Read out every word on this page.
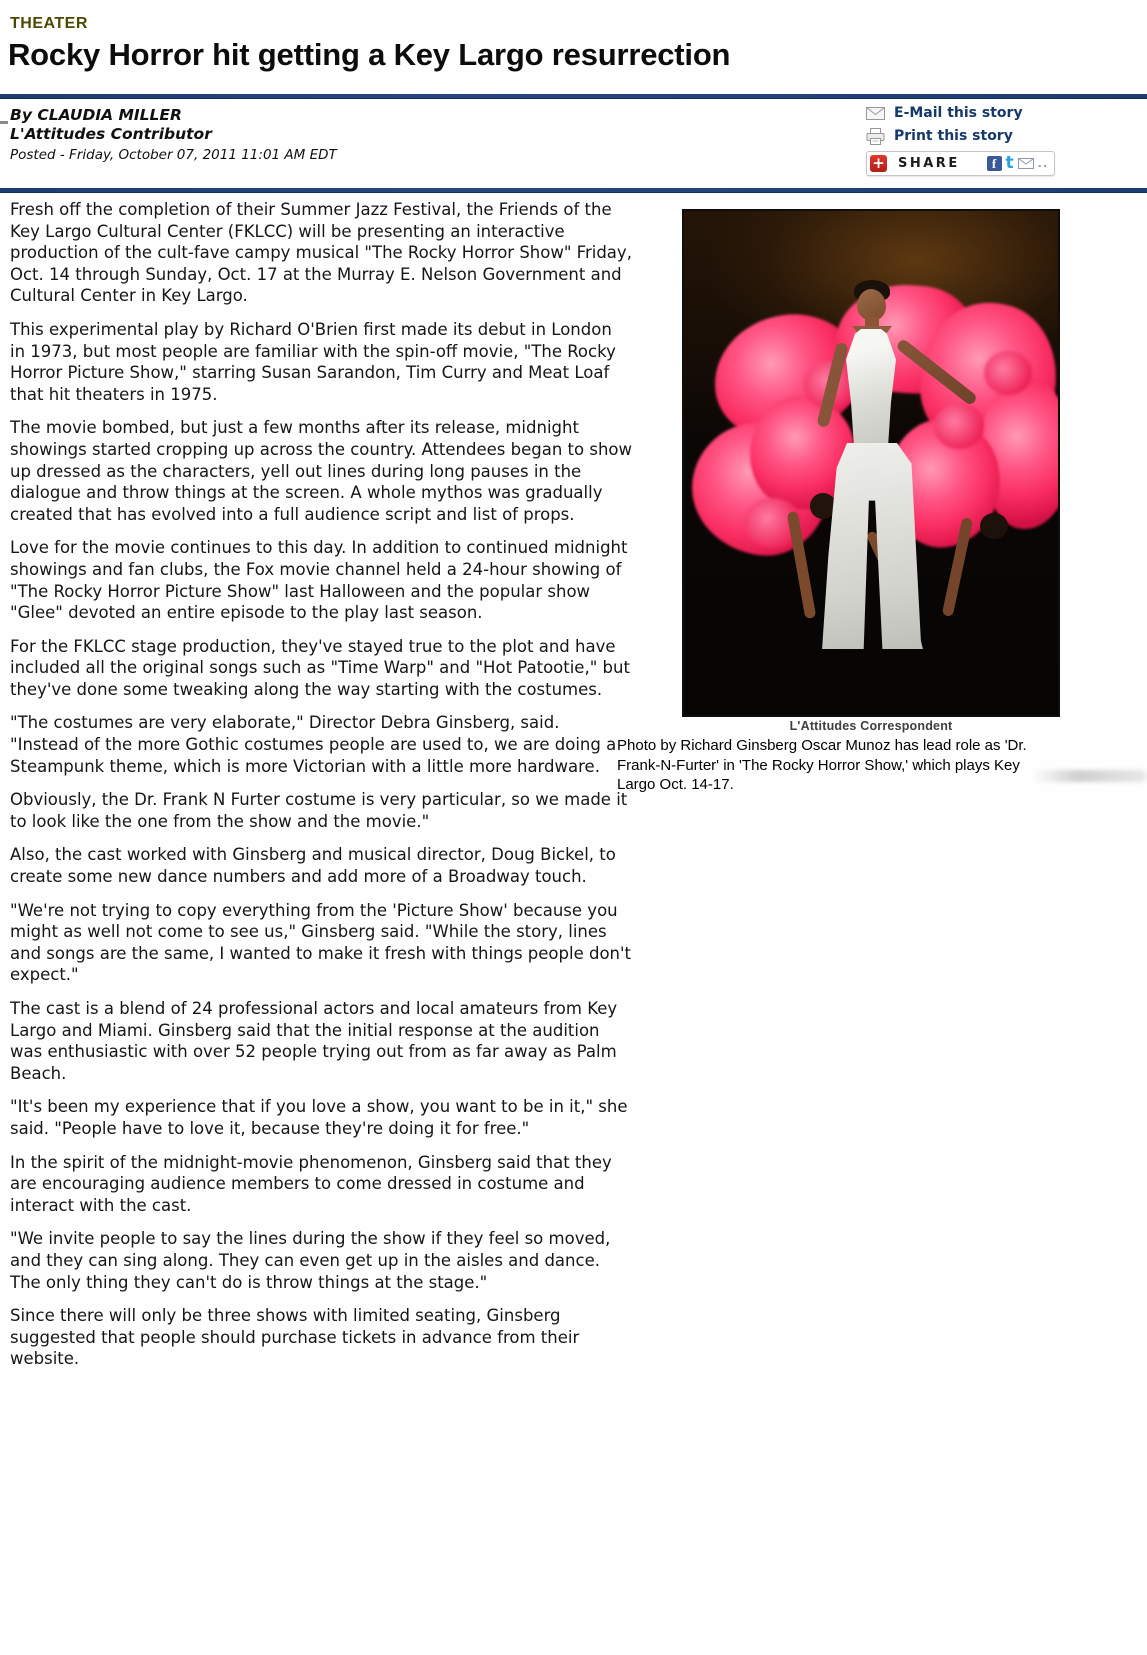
THEATER
Rocky Horror hit getting a Key Largo resurrection
By CLAUDIA MILLER
L'Attitudes Contributor
Posted - Friday, October 07, 2011 11:01 AM EDT
E-Mail this story
Print this story
+
SHARE f t	..

Fresh off the completion of their Summer Jazz Festival, the Friends of the Key Largo Cultural Center (FKLCC) will be presenting an interactive production of the cult-fave campy musical "The Rocky Horror Show" Friday, Oct. 14 through Sunday, Oct. 17 at the Murray E. Nelson Government and Cultural Center in Key Largo.

This experimental play by Richard O'Brien first made its debut in London in 1973, but most people are familiar with the spin-off movie, "The Rocky Horror Picture Show," starring Susan Sarandon, Tim Curry and Meat Loaf that hit theaters in 1975.

The movie bombed, but just a few months after its release, midnight showings started cropping up across the country. Attendees began to show up dressed as the characters, yell out lines during long pauses in the dialogue and throw things at the screen. A whole mythos was gradually created that has evolved into a full audience script and list of props.

Love for the movie continues to this day. In addition to continued midnight showings and fan clubs, the Fox movie channel held a 24-hour showing of "The Rocky Horror Picture Show" last Halloween and the popular show "Glee" devoted an entire episode to the play last season.

For the FKLCC stage production, they've stayed true to the plot and have included all the original songs such as "Time Warp" and "Hot Patootie," but they've done some tweaking along the way starting with the costumes.

"The costumes are very elaborate," Director Debra Ginsberg, said. "Instead of the more Gothic costumes people are used to, we are doing a Steampunk theme, which is more Victorian with a little more hardware.

Obviously, the Dr. Frank N Furter costume is very particular, so we made it to look like the one from the show and the movie."

Also, the cast worked with Ginsberg and musical director, Doug Bickel, to create some new dance numbers and add more of a Broadway touch.

"We're not trying to copy everything from the 'Picture Show' because you might as well not come to see us," Ginsberg said. "While the story, lines and songs are the same, I wanted to make it fresh with things people don't expect."

The cast is a blend of 24 professional actors and local amateurs from Key Largo and Miami. Ginsberg said that the initial response at the audition was enthusiastic with over 52 people trying out from as far away as Palm Beach.

"It's been my experience that if you love a show, you want to be in it," she said. "People have to love it, because they're doing it for free."

In the spirit of the midnight-movie phenomenon, Ginsberg said that they are encouraging audience members to come dressed in costume and interact with the cast.

"We invite people to say the lines during the show if they feel so moved, and they can sing along. They can even get up in the aisles and dance. The only thing they can't do is throw things at the stage."

Since there will only be three shows with limited seating, Ginsberg suggested that people should purchase tickets in advance from their website.

L'Attitudes Correspondent
Photo by Richard Ginsberg Oscar Munoz has lead role as 'Dr. Frank-N-Furter' in 'The Rocky Horror Show,' which plays Key Largo Oct. 14-17.
